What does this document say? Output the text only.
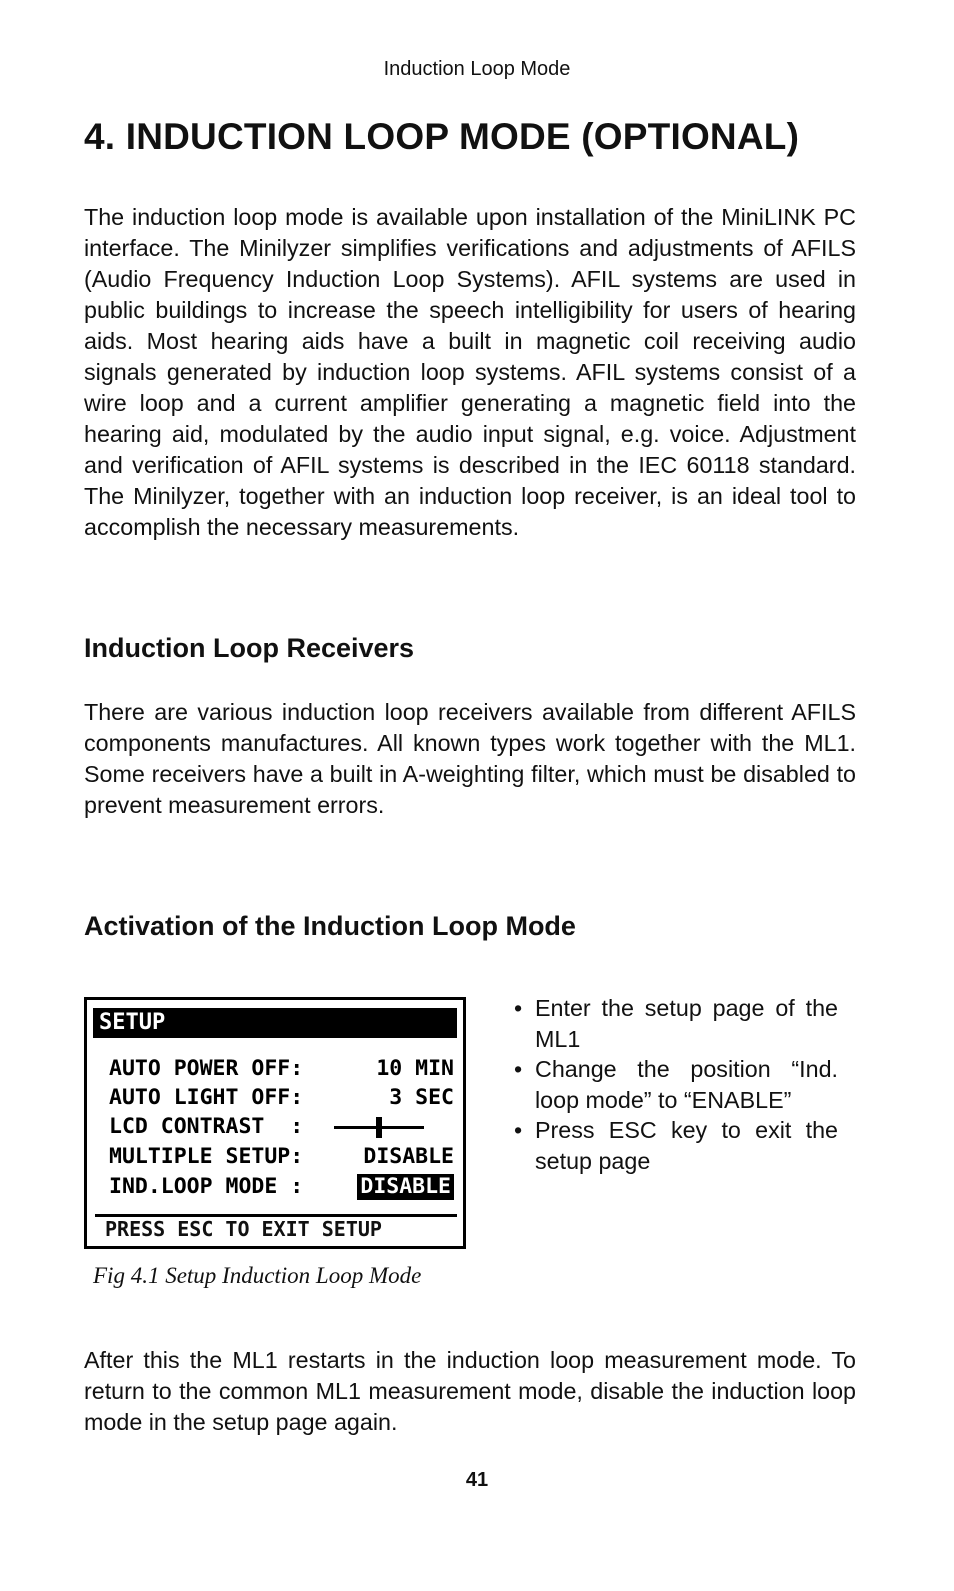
Induction Loop Mode
4. INDUCTION LOOP MODE (OPTIONAL)

The induction loop mode is available upon installation of the MiniLINK PC interface. The Minilyzer simplifies verifications and adjustments of AFILS (Audio Frequency Induction Loop Systems). AFIL systems are used in public buildings to increase the speech intelligibility for users of hearing aids. Most hearing aids have a built in magnetic coil receiving audio signals generated by induction loop systems. AFIL systems consist of a wire loop and a current amplifier generating a magnetic field into the hearing aid, modulated by the audio input signal, e.g. voice. Adjustment and verification of AFIL systems is described in the IEC 60118 standard. The Minilyzer, together with an induction loop receiver, is an ideal tool to accomplish the necessary measurements.

Induction Loop Receivers

There are various induction loop receivers available from different AFILS components manufactures. All known types work together with the ML1. Some receivers have a built in A-weighting filter, which must be disabled to prevent measurement errors.

Activation of the Induction Loop Mode
SETUP

AUTO POWER OFF:

	10 MIN

AUTO LIGHT OFF:

	3 SEC

LCD CONTRAST  :

MULTIPLE SETUP:

	DISABLE

IND.LOOP MODE :

	DISABLE

PRESS ESC TO EXIT SETUP
Fig 4.1 Setup Induction Loop Mode
• Enter the setup page of the ML1
• Change the position “Ind. loop mode” to “ENABLE”
• Press ESC key to exit the setup page

After this the ML1 restarts in the induction loop measurement mode. To return to the common ML1 measurement mode, disable the induction loop mode in the setup page again.

41
